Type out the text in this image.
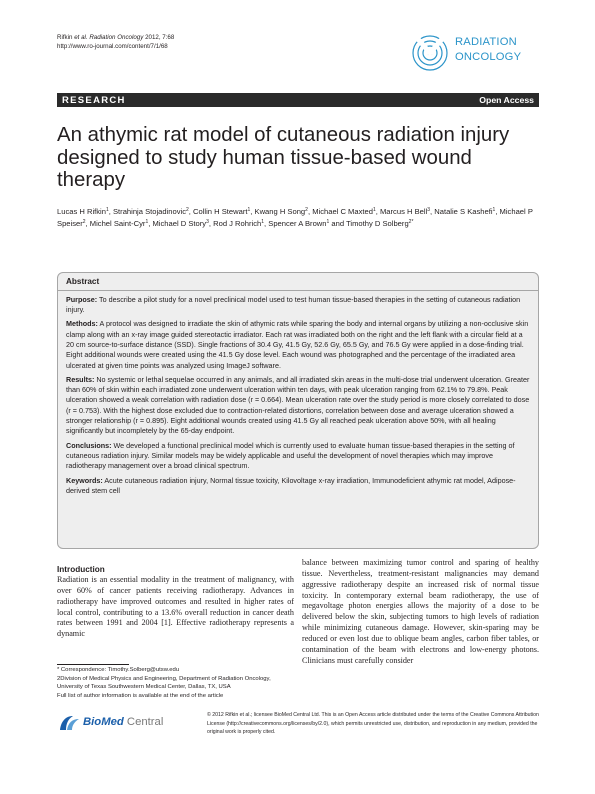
Rifkin et al. Radiation Oncology 2012, 7:68
http://www.ro-journal.com/content/7/1/68	RADIATION
ONCOLOGY
RESEARCH	Open Access
An athymic rat model of cutaneous radiation injury designed to study human tissue-based wound therapy
Lucas H Rifkin$^1$, Strahinja Stojadinovic$^2$, Collin H Stewart$^1$, Kwang H Song$^2$, Michael C Maxted$^1$, Marcus H Bell$^3$, Natalie S Kashefi$^1$, Michael P Speiser$^2$, Michel Saint-Cyr$^1$, Michael D Story$^3$, Rod J Rohrich$^1$, Spencer A Brown$^1$ and Timothy D Solberg$^{2*}$
Abstract

Purpose: To describe a pilot study for a novel preclinical model used to test human tissue-based therapies in the setting of cutaneous radiation injury.

Methods: A protocol was designed to irradiate the skin of athymic rats while sparing the body and internal organs by utilizing a non-occlusive skin clamp along with an x-ray image guided stereotactic irradiator. Each rat was irradiated both on the right and the left flank with a circular field at a 20 cm source-to-surface distance (SSD). Single fractions of 30.4 Gy, 41.5 Gy, 52.6 Gy, 65.5 Gy, and 76.5 Gy were applied in a dose-finding trial. Eight additional wounds were created using the 41.5 Gy dose level. Each wound was photographed and the percentage of the irradiated area ulcerated at given time points was analyzed using ImageJ software.

Results: No systemic or lethal sequelae occurred in any animals, and all irradiated skin areas in the multi-dose trial underwent ulceration. Greater than 60% of skin within each irradiated zone underwent ulceration within ten days, with peak ulceration ranging from 62.1% to 79.8%. Peak ulceration showed a weak correlation with radiation dose (r = 0.664). Mean ulceration rate over the study period is more closely correlated to dose (r = 0.753). With the highest dose excluded due to contraction-related distortions, correlation between dose and average ulceration showed a stronger relationship (r = 0.895). Eight additional wounds created using 41.5 Gy all reached peak ulceration above 50%, with all healing significantly but incompletely by the 65-day endpoint.

Conclusions: We developed a functional preclinical model which is currently used to evaluate human tissue-based therapies in the setting of cutaneous radiation injury. Similar models may be widely applicable and useful the development of novel therapies which may improve radiotherapy management over a broad clinical spectrum.

Keywords: Acute cutaneous radiation injury, Normal tissue toxicity, Kilovoltage x-ray irradiation, Immunodeficient athymic rat model, Adipose-derived stem cell

Introduction

Radiation is an essential modality in the treatment of malignancy, with over 60% of cancer patients receiving radiotherapy. Advances in radiotherapy have improved outcomes and resulted in higher rates of local control, contributing to a 13.6% overall reduction in cancer death rates between 1991 and 2004 [1]. Effective radiotherapy represents a dynamic

balance between maximizing tumor control and sparing of healthy tissue. Nevertheless, treatment-resistant malignancies may demand aggressive radiotherapy despite an increased risk of normal tissue toxicity. In contemporary external beam radiotherapy, the use of megavoltage photon energies allows the majority of a dose to be delivered below the skin, subjecting tumors to high levels of radiation while minimizing cutaneous damage. However, skin-sparing may be reduced or even lost due to oblique beam angles, carbon fiber tables, or contamination of the beam with electrons and low-energy photons. Clinicians must carefully consider

* Correspondence: Timothy.Solberg@utsw.edu
2Division of Medical Physics and Engineering, Department of Radiation Oncology, University of Texas Southwestern Medical Center, Dallas, TX, USA
Full list of author information is available at the end of the article
BioMed Central
© 2012 Rifkin et al.; licensee BioMed Central Ltd. This is an Open Access article distributed under the terms of the Creative Commons Attribution License (http://creativecommons.org/licenses/by/2.0), which permits unrestricted use, distribution, and reproduction in any medium, provided the original work is properly cited.
